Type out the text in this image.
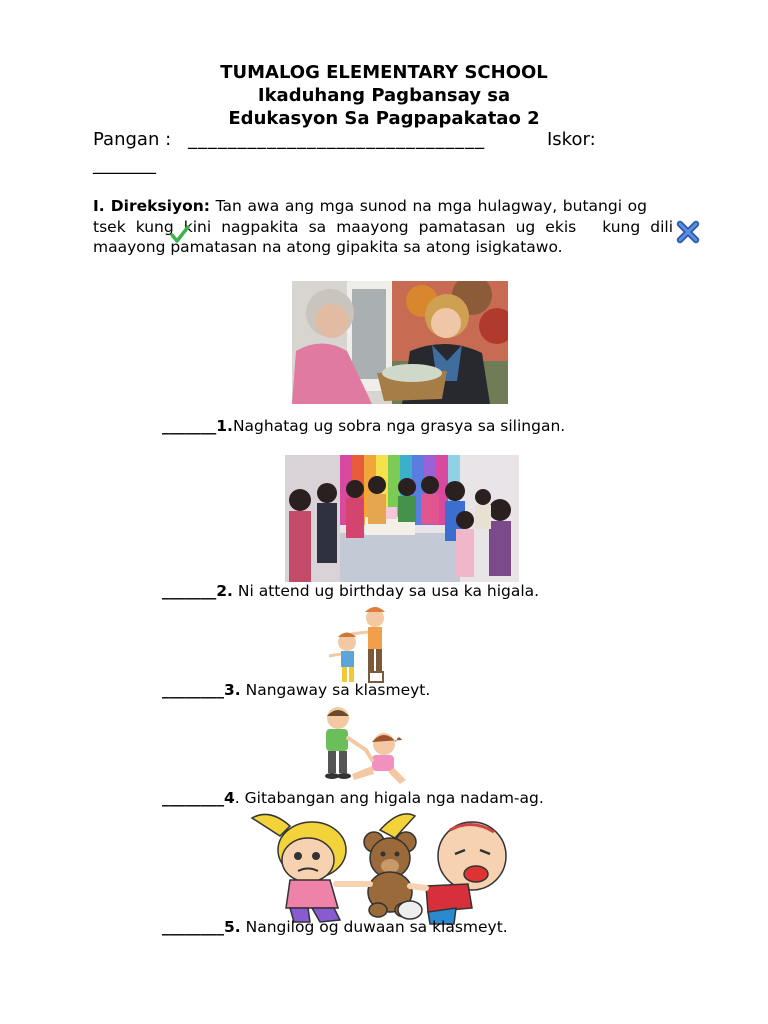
TUMALOG ELEMENTARY SCHOOL
Ikaduhang Pagbansay sa
Edukasyon Sa Pagpapakatao 2
Pangan : ______________________________	Iskor:
_______
I. Direksiyon: Tan awa ang mga sunod na mga hulagway, butangi ogtsek kung kini nagpakita sa maayong pamatasan ug ekis kung dili maayong pamatasan na atong gipakita sa atong isigkatawo.
_______1.Naghatag ug sobra nga grasya sa silingan.
_______2. Ni attend ug birthday sa usa ka higala.
________3. Nangaway sa klasmeyt.
________4. Gitabangan ang higala nga nadam-ag.
________5. Nangilog og duwaan sa klasmeyt.
